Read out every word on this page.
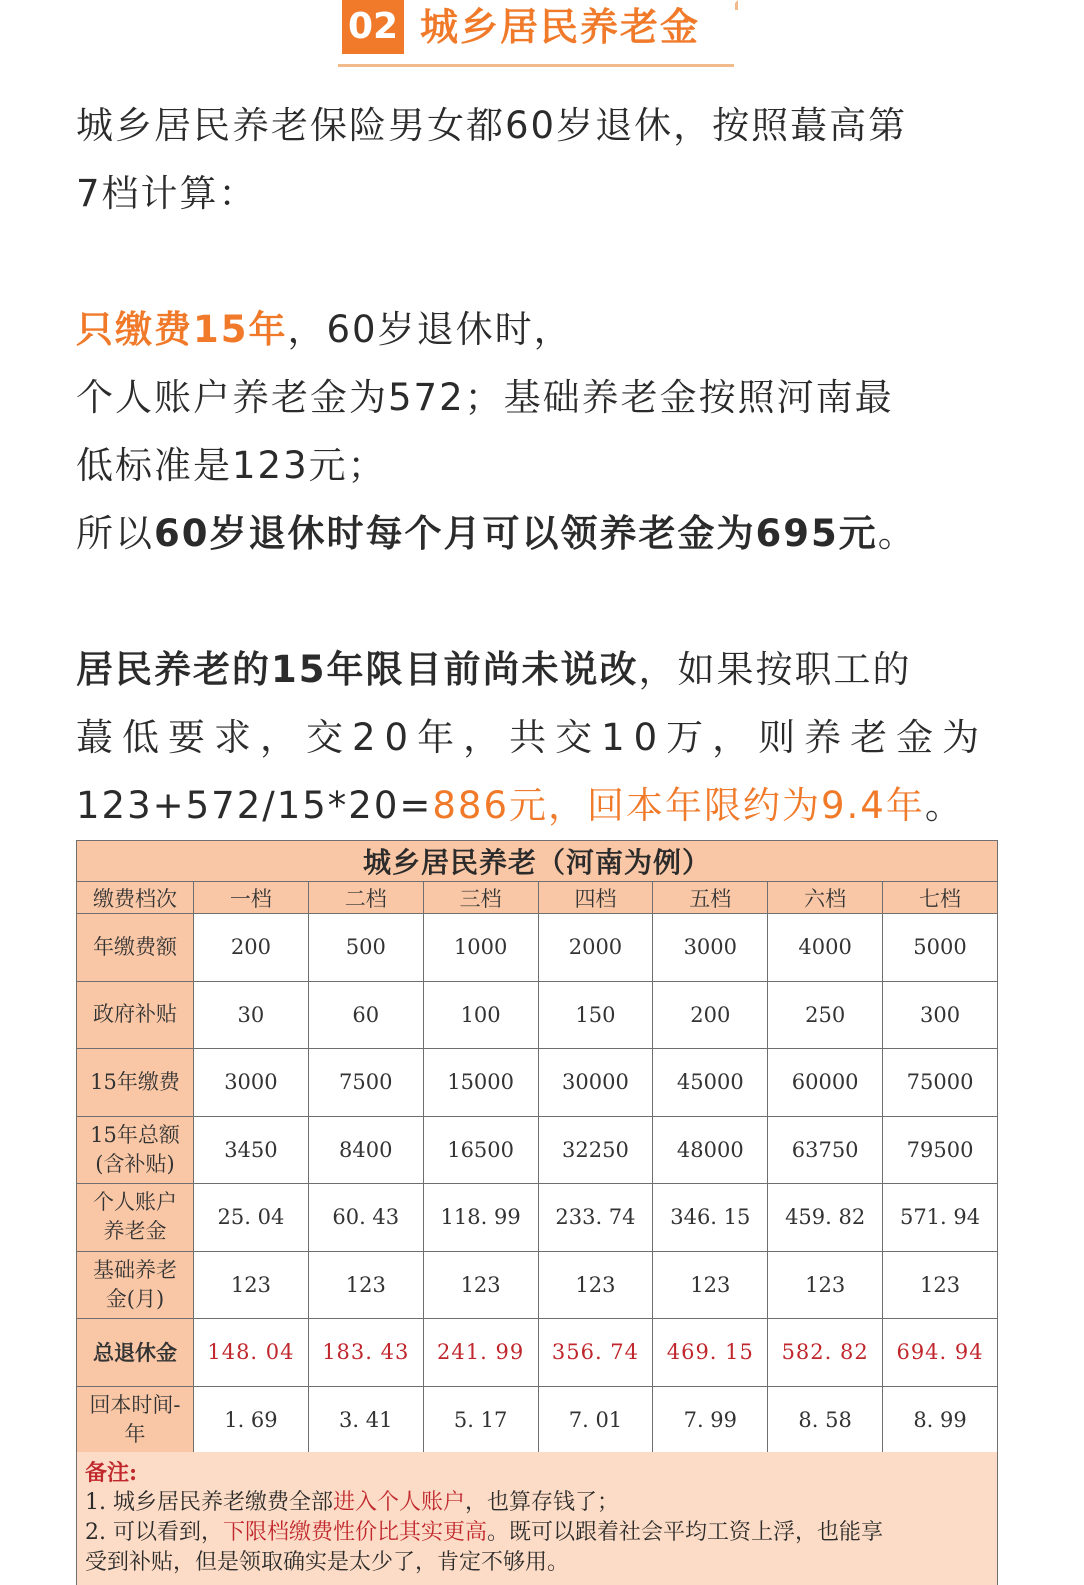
02 城乡居民养老金
城乡居民养老保险男女都60岁退休，按照蕞高第
7档计算：
只缴费15年，60岁退休时，
个人账户养老金为572；基础养老金按照河南最
低标准是123元；
所以60岁退休时每个月可以领养老金为695元。
居民养老的15年限目前尚未说改，如果按职工的
蕞低要求，交20年，共交10万，则养老金为
123+572/15*20=886元，回本年限约为9.4年。
城乡居民养老（河南为例）							
缴费档次	一档	二档	三档	四档	五档	六档	七档

年缴费额	200	500	1000	2000	3000	4000	5000

政府补贴	30	60	100	150	200	250	300

15年缴费	3000	7500	15000	30000	45000	60000	75000

15年总额
(含补贴)	3450	8400	16500	32250	48000	63750	79500

个人账户
养老金	25. 04	60. 43	118. 99	233. 74	346. 15	459. 82	571. 94

基础养老
金(月)	123	123	123	123	123	123	123

总退休金	148. 04	183. 43	241. 99	356. 74	469. 15	582. 82	694. 94

回本时间-
年	1. 69	3. 41	5. 17	7. 01	7. 99	8. 58	8. 99
备注:
1. 城乡居民养老缴费全部进入个人账户，也算存钱了；
2. 可以看到，下限档缴费性价比其实更高。既可以跟着社会平均工资上浮，也能享
受到补贴，但是领取确实是太少了，肯定不够用。
